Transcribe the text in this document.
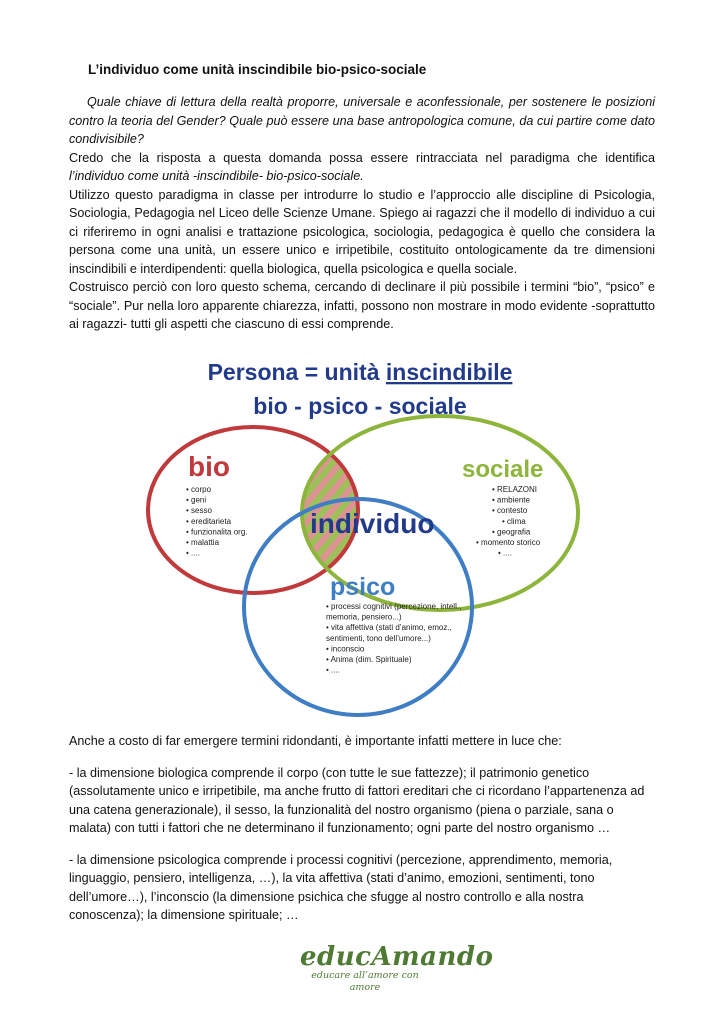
L’individuo come unità inscindibile bio-psico-sociale

Quale chiave di lettura della realtà proporre, universale e aconfessionale, per sostenere le posizioni contro la teoria del Gender? Quale può essere una base antropologica comune, da cui partire come dato condivisibile?

Credo che la risposta a questa domanda possa essere rintracciata nel paradigma che identifica l’individuo come unità -inscindibile- bio-psico-sociale.

Utilizzo questo paradigma in classe per introdurre lo studio e l’approccio alle discipline di Psicologia, Sociologia, Pedagogia nel Liceo delle Scienze Umane. Spiego ai ragazzi che il modello di individuo a cui ci riferiremo in ogni analisi e trattazione psicologica, sociologia, pedagogica è quello che considera la persona come una unità, un essere unico e irripetibile, costituito ontologicamente da tre dimensioni inscindibili e interdipendenti: quella biologica, quella psicologica e quella sociale.

Costruisco perciò con loro questo schema, cercando di declinare il più possibile i termini “bio”, “psico” e “sociale”. Pur nella loro apparente chiarezza, infatti, possono non mostrare in modo evidente -soprattutto ai ragazzi- tutti gli aspetti che ciascuno di essi comprende.

Persona = unità inscindibile
bio - psico - sociale
bio
• corpo
• geni
• sesso
• ereditarieta
• funzionalita org.
• malattia
• ....
sociale
• RELAZONI
• ambiente
• contesto
• clima
• geografia
• momento storico
• ....
individuo
psico
• processi cognitivi (percezione, intell.,
memoria, pensiero...)
• vita affettiva (stati d’animo, emoz.,
sentimenti, tono dell’umore...)
• inconscio
• Anima (dim. Spirituale)
• ....

Anche a costo di far emergere termini ridondanti, è importante infatti mettere in luce che:

- la dimensione biologica comprende il corpo (con tutte le sue fattezze); il patrimonio genetico (assolutamente unico e irripetibile, ma anche frutto di fattori ereditari che ci ricordano l’appartenenza ad una catena generazionale), il sesso, la funzionalità del nostro organismo (piena o parziale, sana o malata) con tutti i fattori che ne determinano il funzionamento; ogni parte del nostro organismo …

- la dimensione psicologica comprende i processi cognitivi (percezione, apprendimento, memoria, linguaggio, pensiero, intelligenza, …), la vita affettiva (stati d’animo, emozioni, sentimenti, tono dell’umore…), l’inconscio (la dimensione psichica che sfugge al nostro controllo e alla nostra conoscenza); la dimensione spirituale; …

educAmando
educare all’amore con amore
